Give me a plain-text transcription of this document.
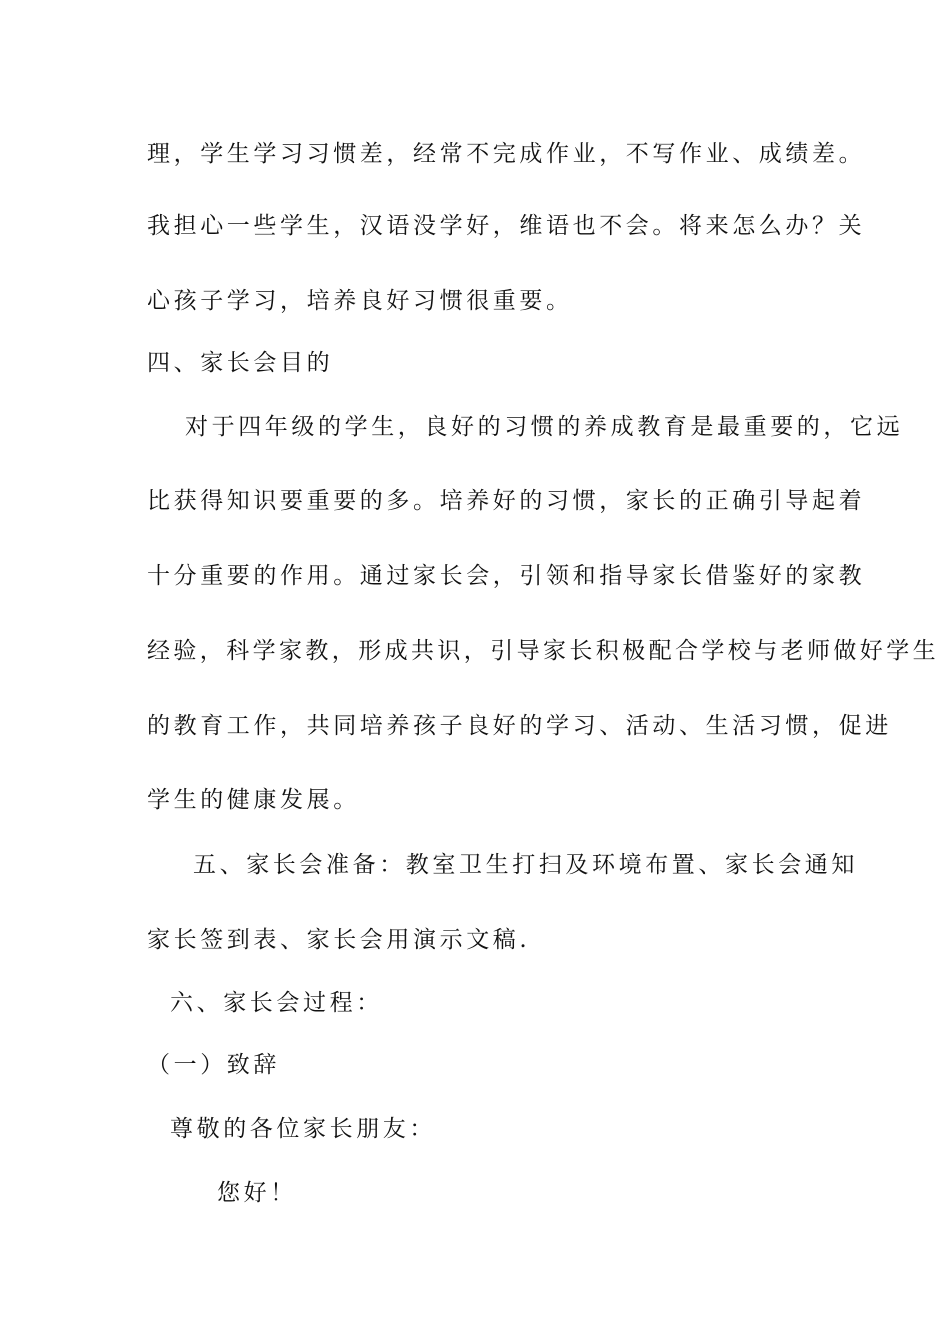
理，学生学习习惯差，经常不完成作业，不写作业、成绩差。
我担心一些学生，汉语没学好，维语也不会。将来怎么办？关
心孩子学习，培养良好习惯很重要。
四、家长会目的
对于四年级的学生，良好的习惯的养成教育是最重要的，它远
比获得知识要重要的多。培养好的习惯，家长的正确引导起着
十分重要的作用。通过家长会，引领和指导家长借鉴好的家教
经验，科学家教，形成共识，引导家长积极配合学校与老师做好学生
的教育工作，共同培养孩子良好的学习、活动、生活习惯，促进
学生的健康发展。
五、家长会准备：教室卫生打扫及环境布置、家长会通知
家长签到表、家长会用演示文稿.
六、家长会过程：
（一）致辞
尊敬的各位家长朋友：
您好！
